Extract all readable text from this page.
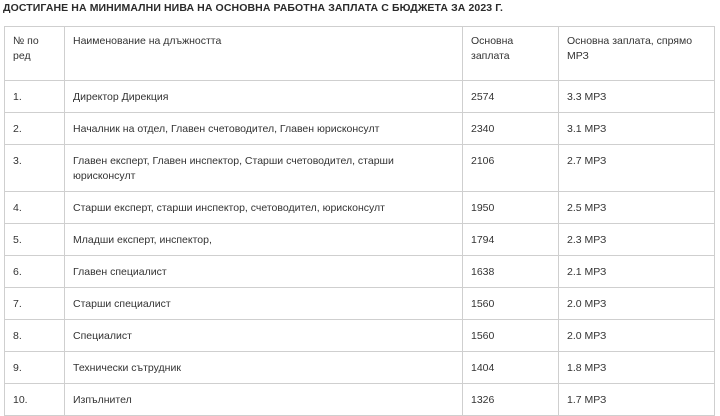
ДОСТИГАНЕ НА МИНИМАЛНИ НИВА НА ОСНОВНА РАБОТНА ЗАПЛАТА С БЮДЖЕТА ЗА 2023 Г.
№ по ред	Наименование на длъжността	Основна заплата	Основна заплата, спрямо МРЗ
1.	Директор Дирекция	2574	3.3 МРЗ
2.	Началник на отдел, Главен счетоводител, Главен юрисконсулт	2340	3.1 МРЗ
3.	Главен експерт, Главен инспектор, Старши счетоводител, старши юрисконсулт	2106	2.7 МРЗ
4.	Старши експерт, старши инспектор, счетоводител, юрисконсулт	1950	2.5 МРЗ
5.	Младши експерт, инспектор,	1794	2.3 МРЗ
6.	Главен специалист	1638	2.1 МРЗ
7.	Старши специалист	1560	2.0 МРЗ
8.	Специалист	1560	2.0 МРЗ
9.	Технически сътрудник	1404	1.8 МРЗ
10.	Изпълнител	1326	1.7 МРЗ
